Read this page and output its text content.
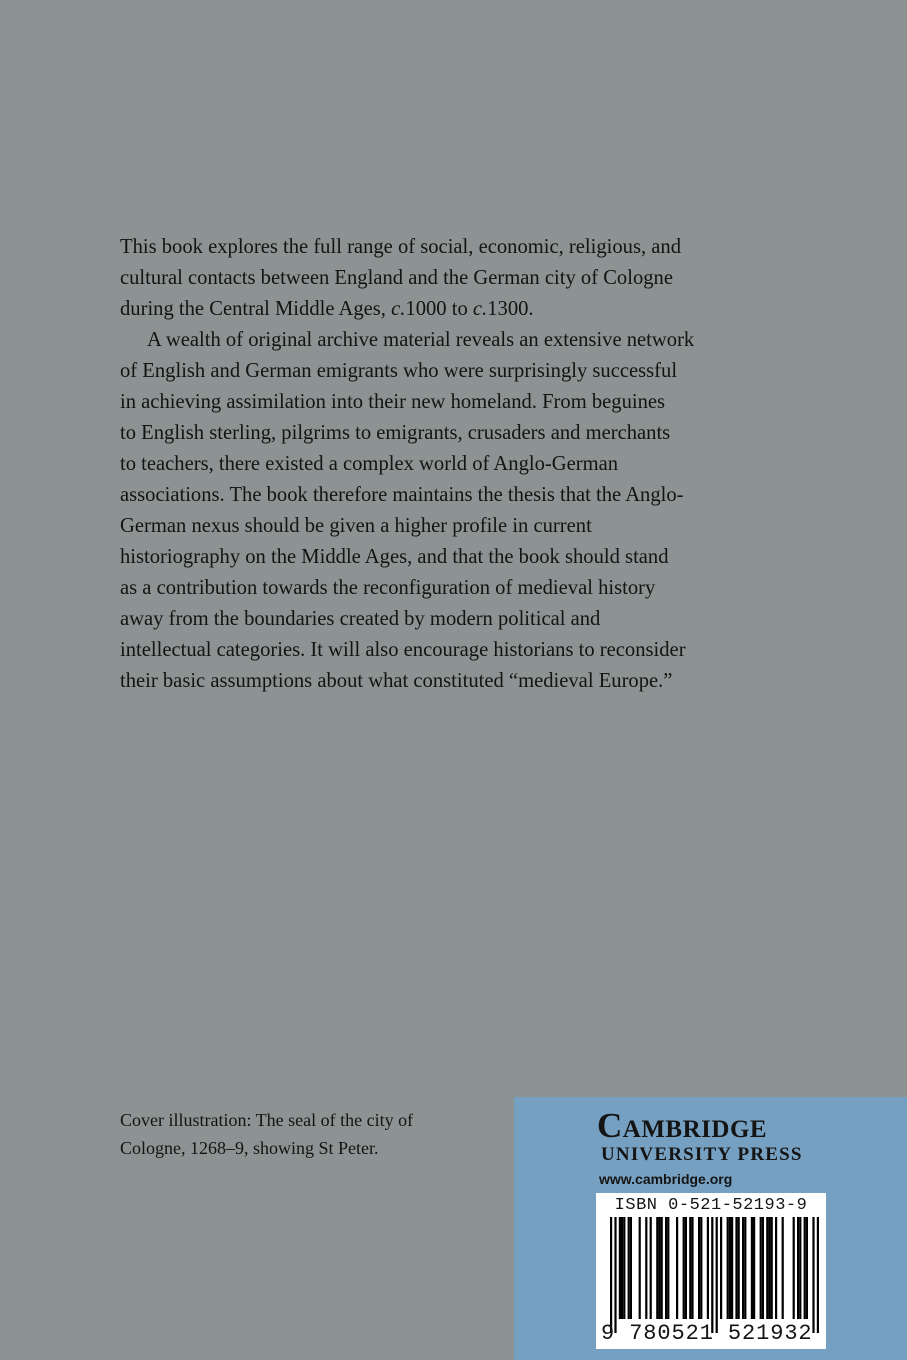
This book explores the full range of social, economic, religious, and
cultural contacts between England and the German city of Cologne
during the Central Middle Ages, c.1000 to c.1300.

A wealth of original archive material reveals an extensive network
of English and German emigrants who were surprisingly successful
in achieving assimilation into their new homeland. From beguines
to English sterling, pilgrims to emigrants, crusaders and merchants
to teachers, there existed a complex world of Anglo-German
associations. The book therefore maintains the thesis that the Anglo-
German nexus should be given a higher profile in current
historiography on the Middle Ages, and that the book should stand
as a contribution towards the reconfiguration of medieval history
away from the boundaries created by modern political and
intellectual categories. It will also encourage historians to reconsider
their basic assumptions about what constituted “medieval Europe.”

Cover illustration: The seal of the city of
Cologne, 1268–9, showing St Peter.
Cambridge
UNIVERSITY PRESS
www.cambridge.org
ISBN 0-521-52193-9
9 780521 521932
